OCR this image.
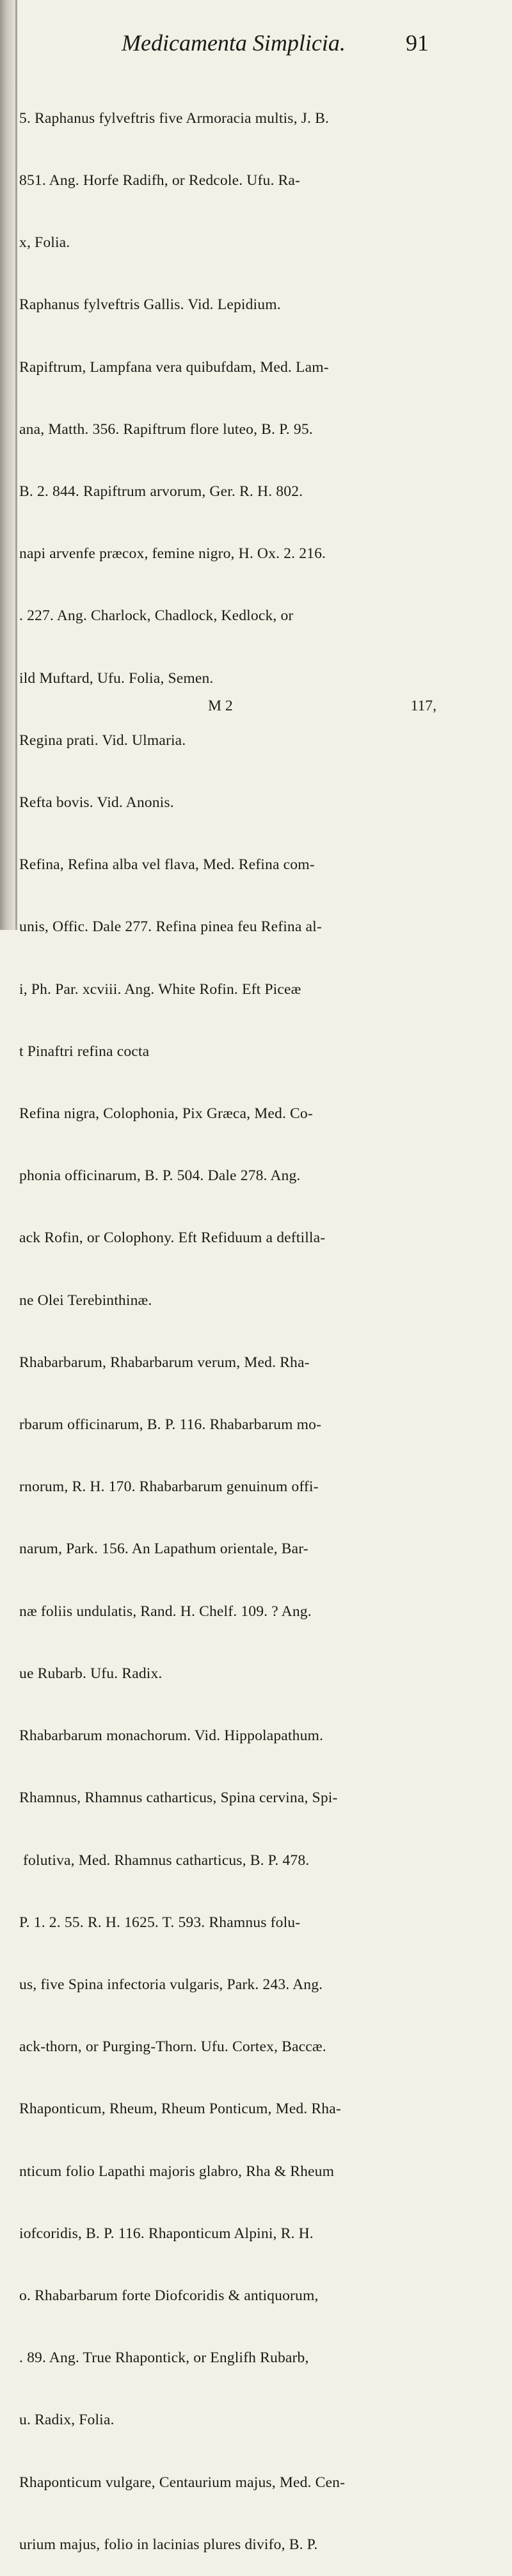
Medicamenta Simplicia.	91

5. Raphanus fylveftris five Armoracia multis, J. B.

851. Ang. Horfe Radifh, or Redcole. Ufu. Ra-

x, Folia.

Raphanus fylveftris Gallis. Vid. Lepidium.

Rapiftrum, Lampfana vera quibufdam, Med. Lam-

ana, Matth. 356. Rapiftrum flore luteo, B. P. 95.

B. 2. 844. Rapiftrum arvorum, Ger. R. H. 802.

napi arvenfe præcox, femine nigro, H. Ox. 2. 216.

. 227. Ang. Charlock, Chadlock, Kedlock, or

ild Muftard, Ufu. Folia, Semen.

Regina prati. Vid. Ulmaria.

Refta bovis. Vid. Anonis.

Refina, Refina alba vel flava, Med. Refina com-

unis, Offic. Dale 277. Refina pinea feu Refina al-

i, Ph. Par. xcviii. Ang. White Rofin. Eft Piceæ

t Pinaftri refina cocta

Refina nigra, Colophonia, Pix Græca, Med. Co-

phonia officinarum, B. P. 504. Dale 278. Ang.

ack Rofin, or Colophony. Eft Refiduum a deftilla-

ne Olei Terebinthinæ.

Rhabarbarum, Rhabarbarum verum, Med. Rha-

rbarum officinarum, B. P. 116. Rhabarbarum mo-

rnorum, R. H. 170. Rhabarbarum genuinum offi-

narum, Park. 156. An Lapathum orientale, Bar-

næ foliis undulatis, Rand. H. Chelf. 109. ? Ang.

ue Rubarb. Ufu. Radix.

Rhabarbarum monachorum. Vid. Hippolapathum.

Rhamnus, Rhamnus catharticus, Spina cervina, Spi-

folutiva, Med. Rhamnus catharticus, B. P. 478.

P. 1. 2. 55. R. H. 1625. T. 593. Rhamnus folu-

us, five Spina infectoria vulgaris, Park. 243. Ang.

ack-thorn, or Purging-Thorn. Ufu. Cortex, Baccæ.

Rhaponticum, Rheum, Rheum Ponticum, Med. Rha-

nticum folio Lapathi majoris glabro, Rha & Rheum

iofcoridis, B. P. 116. Rhaponticum Alpini, R. H.

o. Rhabarbarum forte Diofcoridis & antiquorum,

. 89. Ang. True Rhapontick, or Englifh Rubarb,

u. Radix, Folia.

Rhaponticum vulgare, Centaurium majus, Med. Cen-

urium majus, folio in lacinias plures divifo, B. P.

M 2	117,
